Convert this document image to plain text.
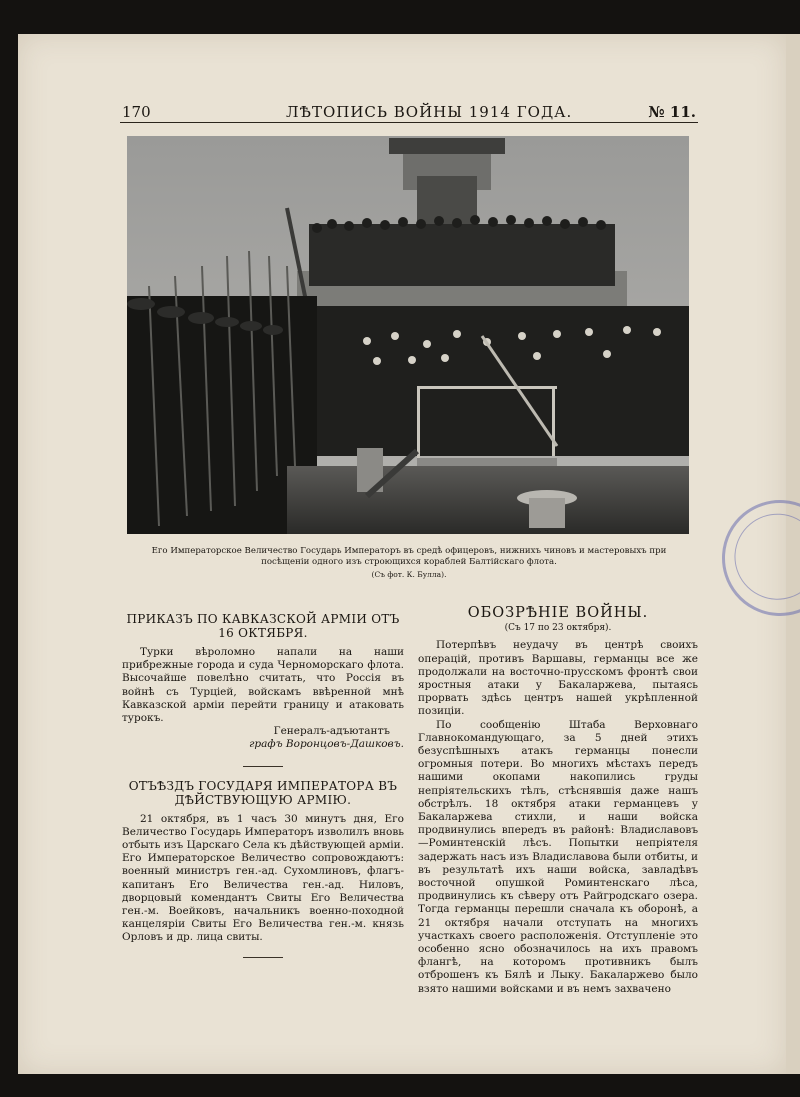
170	ЛѢТОПИСЬ ВОЙНЫ 1914 ГОДА.	№ 11.
Его Императорское Величество Государь Императоръ въ средѣ офицеровъ, нижнихъ чиновъ и мастеровыхъ при посѣщеніи одного изъ строющихся кораблей Балтійскаго флота.
(Съ фот. К. Булла).
ПРИКАЗЪ ПО КАВКАЗСКОЙ АРМІИ ОТЪ 16 ОКТЯБРЯ.

Турки вѣроломно напали на наши прибрежные города и суда Черноморскаго флота. Высочайше повелѣно считать, что Россія въ войнѣ съ Турціей, войскамъ ввѣренной мнѣ Кавказской арміи перейти границу и атаковать турокъ.

Генералъ-адъютантъ

графъ Воронцовъ-Дашковъ.

ОТЪѢЗДЪ ГОСУДАРЯ ИМПЕРАТОРА ВЪ ДѢЙСТВУЮЩУЮ АРМІЮ.

21 октября, въ 1 часъ 30 минутъ дня, Его Величество Государь Императоръ изволилъ вновь отбыть изъ Царскаго Села къ дѣйствующей арміи. Его Императорское Величество сопровождаютъ: военный министръ ген.-ад. Сухомлиновъ, флагъ-капитанъ Его Величества ген.-ад. Ниловъ, дворцовый комендантъ Свиты Его Величества ген.-м. Воейковъ, начальникъ военно-походной канцеляріи Свиты Его Величества ген.-м. князь Орловъ и др. лица свиты.

ОБОЗРѢНІЕ ВОЙНЫ.
(Съ 17 по 23 октября).

Потерпѣвъ неудачу въ центрѣ своихъ операцій, противъ Варшавы, германцы все же продолжали на восточно-прусскомъ фронтѣ свои яростныя атаки у Бакаларжева, пытаясь прорвать здѣсь центръ нашей укрѣпленной позиціи.

По сообщенію Штаба Верховнаго Главнокомандующаго, за 5 дней этихъ безуспѣшныхъ атакъ германцы понесли огромныя потери. Во многихъ мѣстахъ передъ нашими окопами накопились груды непріятельскихъ тѣлъ, стѣснявшія даже нашъ обстрѣлъ. 18 октября атаки германцевъ у Бакаларжева стихли, и наши войска продвинулись впередъ въ районѣ: Владиславовъ—Роминтенскій лѣсъ. Попытки непріятеля задержать насъ изъ Владиславова были отбиты, и въ результатѣ ихъ наши войска, завладѣвъ восточной опушкой Роминтенскаго лѣса, продвинулись къ сѣверу отъ Райгродскаго озера. Тогда германцы перешли сначала къ оборонѣ, а 21 октября начали отступать на многихъ участкахъ своего расположенія. Отступленіе это особенно ясно обозначилось на ихъ правомъ флангѣ, на которомъ противникъ былъ отброшенъ къ Бялѣ и Лыку. Бакаларжево было взято нашими войсками и въ немъ захвачено
